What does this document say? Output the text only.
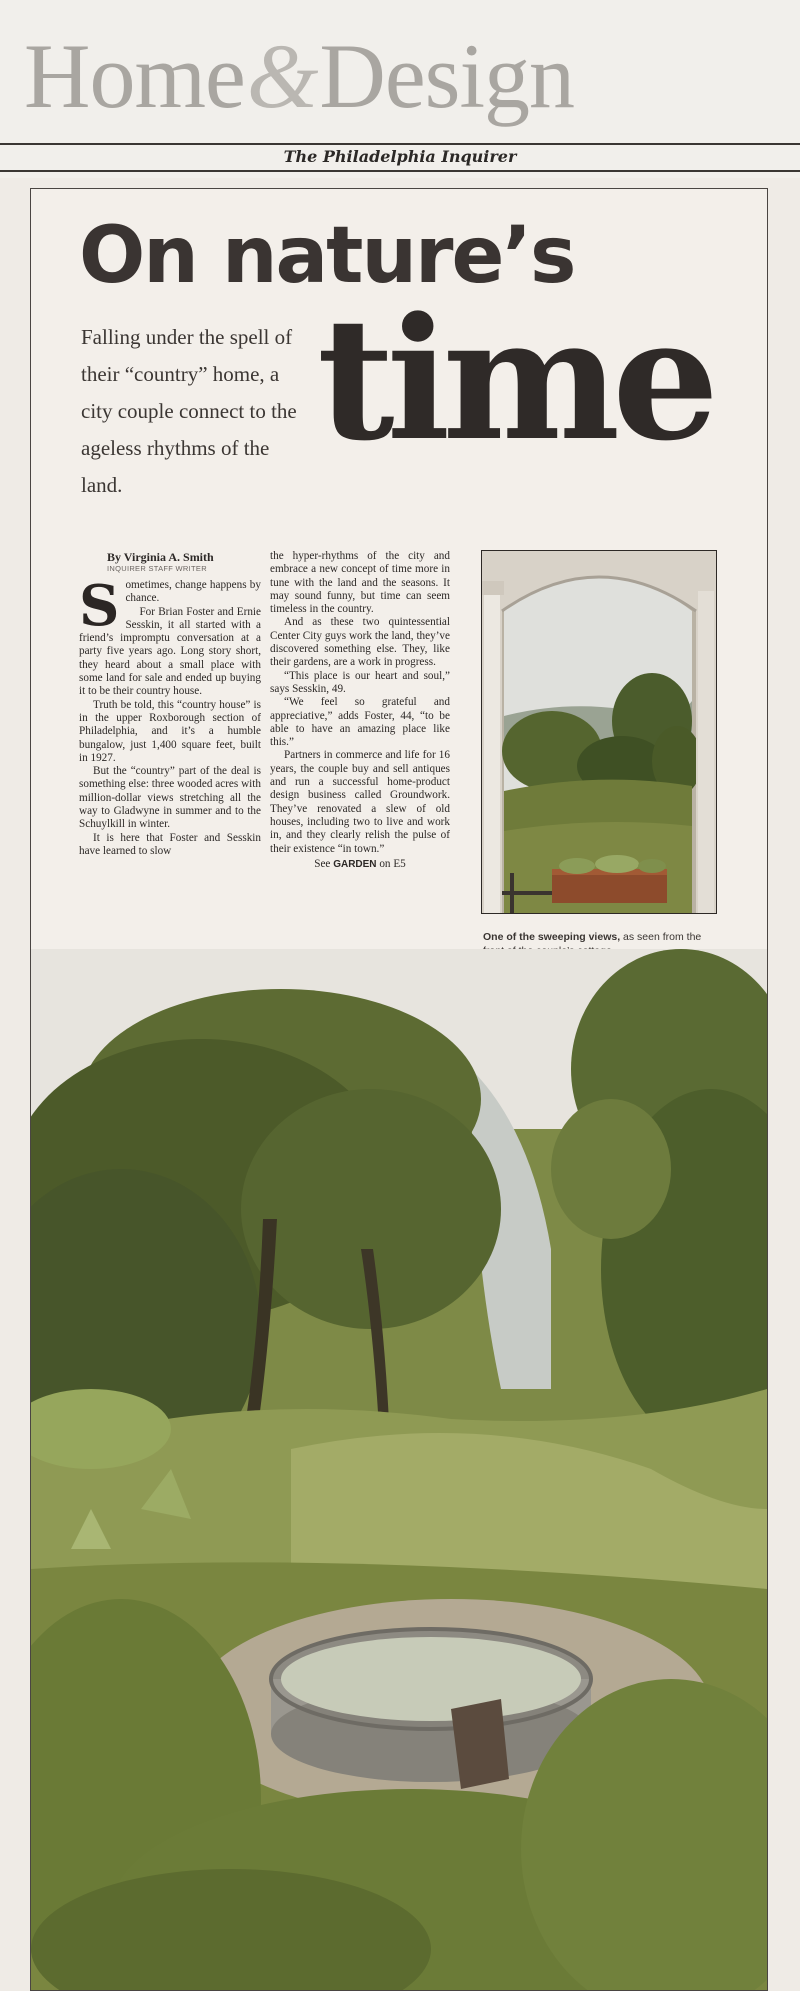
Home&Design
The Philadelphia Inquirer
On nature’s
Falling under the spell of their “country” home, a city couple connect to the ageless rhythms of the land.
time
By Virginia A. Smith
INQUIRER STAFF WRITER

Sometimes, change happens by chance.

For Brian Foster and Ernie Sesskin, it all started with a friend’s impromptu conversation at a party five years ago. Long story short, they heard about a small place with some land for sale and ended up buying it to be their country house.

Truth be told, this “country house” is in the upper Roxborough section of Philadelphia, and it’s a humble bungalow, just 1,400 square feet, built in 1927.

But the “country” part of the deal is something else: three wooded acres with million-dollar views stretching all the way to Gladwyne in summer and to the Schuylkill in winter.

It is here that Foster and Sesskin have learned to slow

the hyper-rhythms of the city and embrace a new concept of time more in tune with the land and the seasons. It may sound funny, but time can seem timeless in the country.

And as these two quintessential Center City guys work the land, they’ve discovered something else. They, like their gardens, are a work in progress.

“This place is our heart and soul,” says Sesskin, 49.

“We feel so grateful and appreciative,” adds Foster, 44, “to be able to have an amazing place like this.”

Partners in commerce and life for 16 years, the couple buy and sell antiques and run a successful home-product design business called Groundwork. They’ve renovated a slew of old houses, including two to live and work in, and they clearly relish the pulse of their existence “in town.”

See GARDEN on E5

One of the sweeping views, as seen from the
